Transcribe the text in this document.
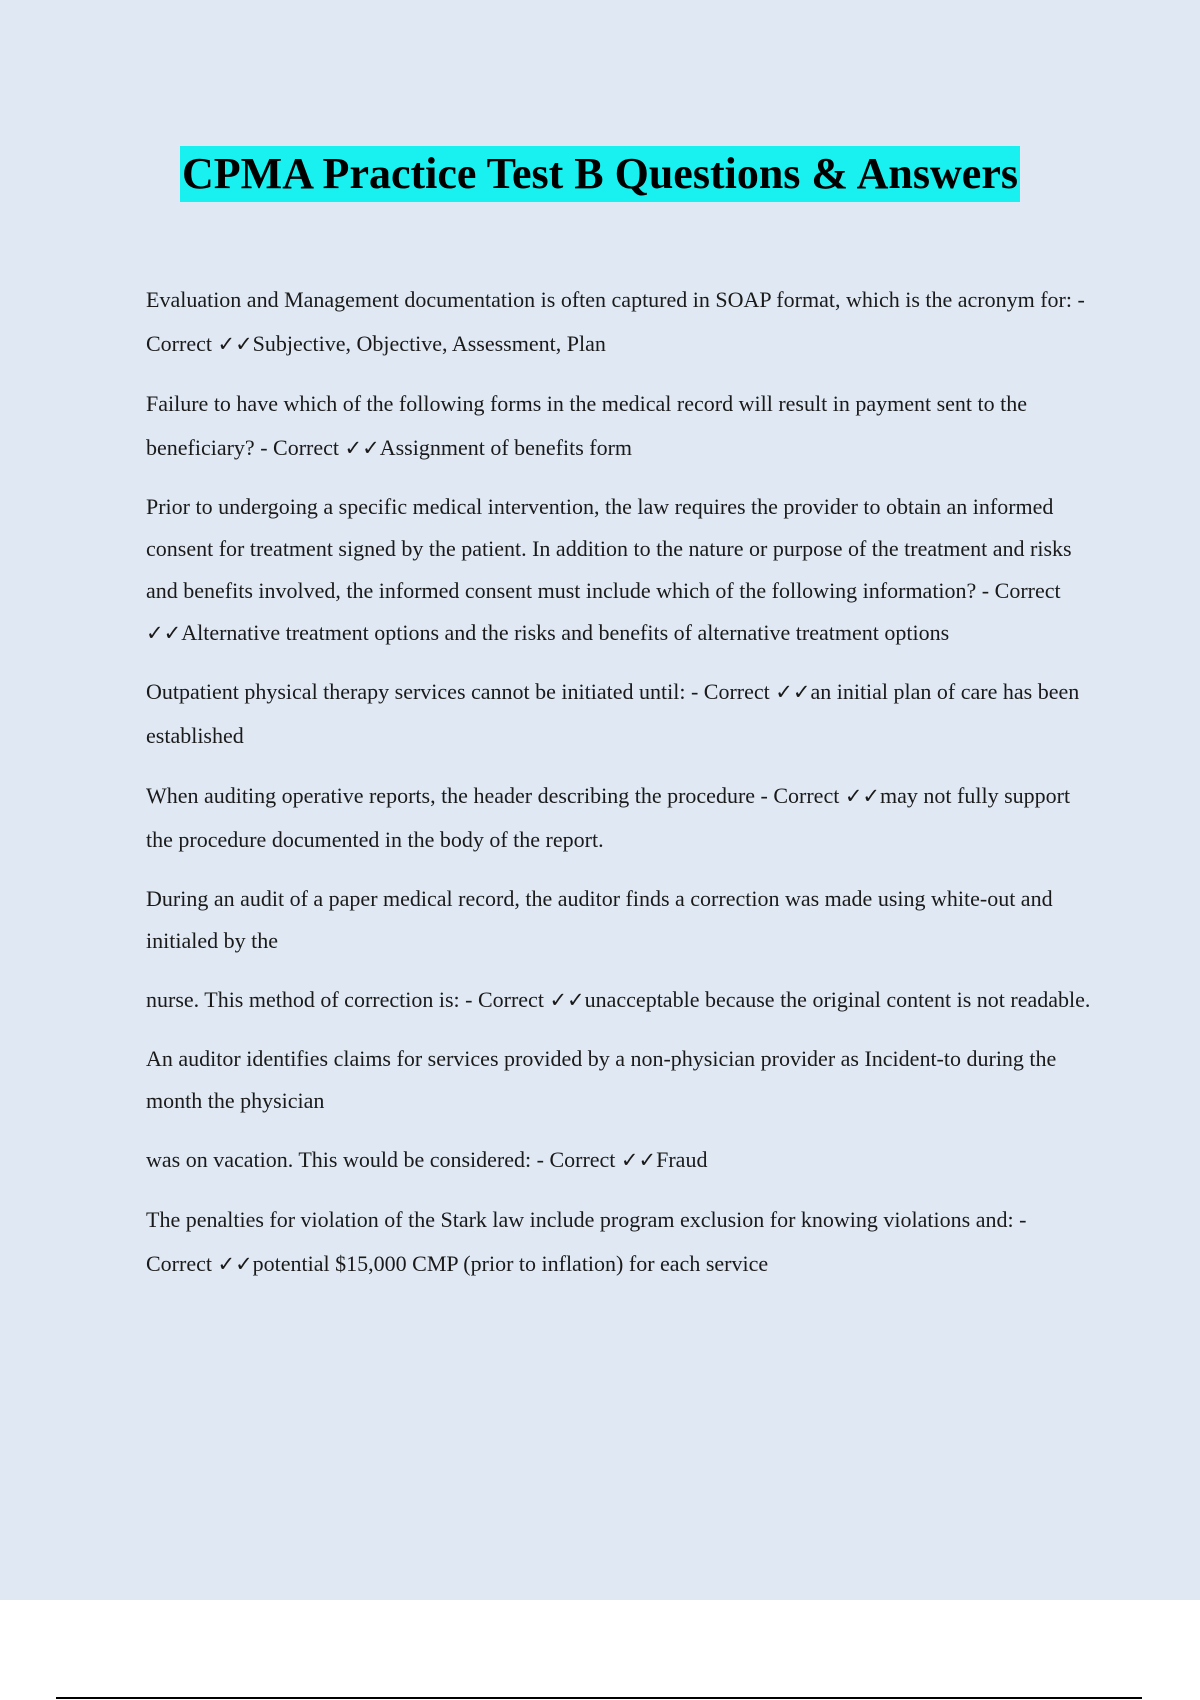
CPMA Practice Test B Questions & Answers

Evaluation and Management documentation is often captured in SOAP format, which is the acronym for: - Correct ✓✓Subjective, Objective, Assessment, Plan

Failure to have which of the following forms in the medical record will result in payment sent to the beneficiary? - Correct ✓✓Assignment of benefits form

Prior to undergoing a specific medical intervention, the law requires the provider to obtain an informed consent for treatment signed by the patient. In addition to the nature or purpose of the treatment and risks and benefits involved, the informed consent must include which of the following information? - Correct ✓✓Alternative treatment options and the risks and benefits of alternative treatment options

Outpatient physical therapy services cannot be initiated until: - Correct ✓✓an initial plan of care has been established

When auditing operative reports, the header describing the procedure - Correct ✓✓may not fully support the procedure documented in the body of the report.

During an audit of a paper medical record, the auditor finds a correction was made using white-out and initialed by the

nurse. This method of correction is: - Correct ✓✓unacceptable because the original content is not readable.

An auditor identifies claims for services provided by a non-physician provider as Incident-to during the month the physician

was on vacation. This would be considered: - Correct ✓✓Fraud

The penalties for violation of the Stark law include program exclusion for knowing violations and: - Correct ✓✓potential $15,000 CMP (prior to inflation) for each service
